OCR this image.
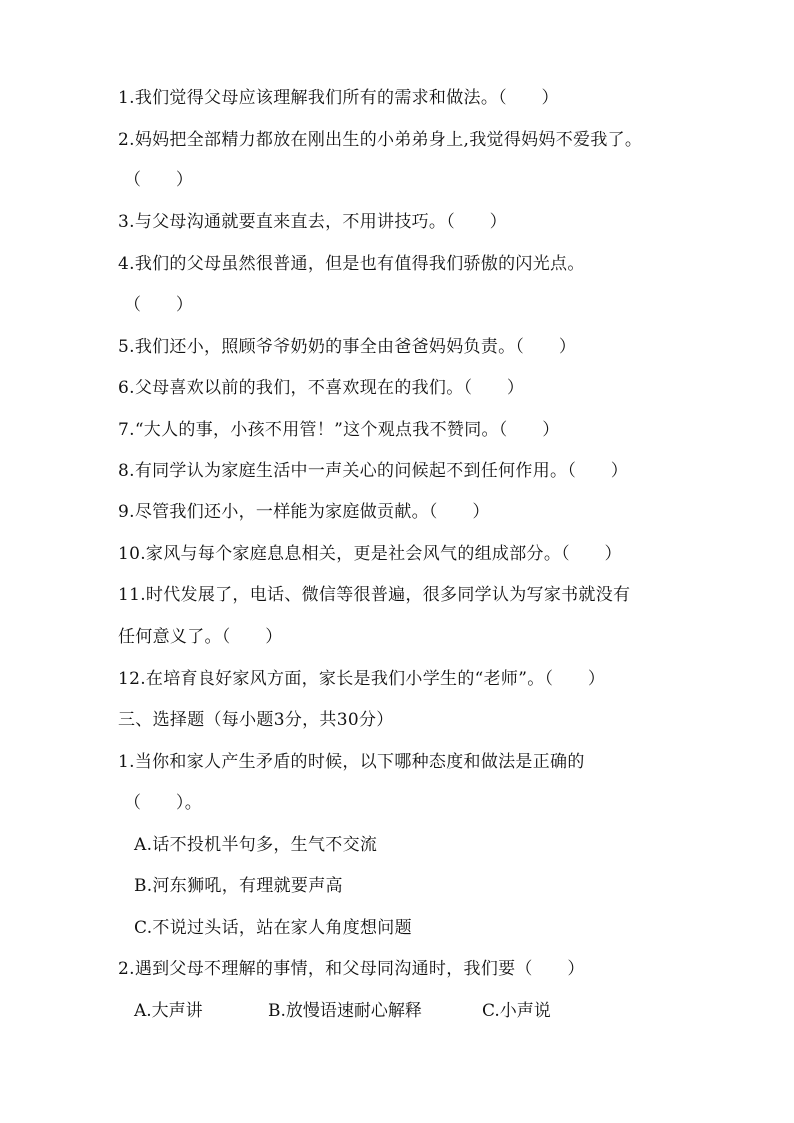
1.我们觉得父母应该理解我们所有的需求和做法。（　　）
2.妈妈把全部精力都放在刚出生的小弟弟身上,我觉得妈妈不爱我了。
（　　）
3.与父母沟通就要直来直去，不用讲技巧。（　　）
4.我们的父母虽然很普通，但是也有值得我们骄傲的闪光点。
（　　）
5.我们还小，照顾爷爷奶奶的事全由爸爸妈妈负责。（　　）
6.父母喜欢以前的我们，不喜欢现在的我们。（　　）
7.“大人的事，小孩不用管！”这个观点我不赞同。（　　）
8.有同学认为家庭生活中一声关心的问候起不到任何作用。（　　）
9.尽管我们还小，一样能为家庭做贡献。（　　）
10.家风与每个家庭息息相关，更是社会风气的组成部分。（　　）
11.时代发展了，电话、微信等很普遍，很多同学认为写家书就没有
任何意义了。（　　）
12.在培育良好家风方面，家长是我们小学生的“老师”。（　　）
三、选择题（每小题3分，共30分）
1.当你和家人产生矛盾的时候，以下哪种态度和做法是正确的
（　　）。
A.话不投机半句多，生气不交流
B.河东狮吼，有理就要声高
C.不说过头话，站在家人角度想问题
2.遇到父母不理解的事情，和父母同沟通时，我们要（　　）
A.大声讲	B.放慢语速耐心解释	C.小声说
